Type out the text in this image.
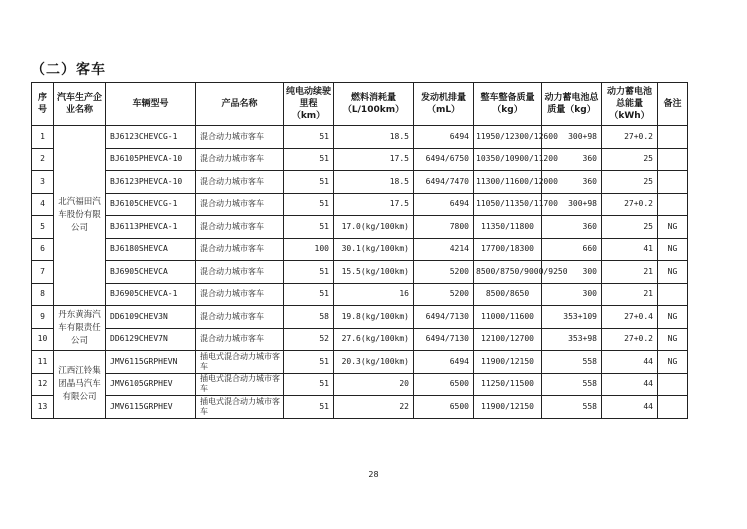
（二）客车
序号	汽车生产企业名称	车辆型号	产品名称	纯电动续驶里程（km）	燃料消耗量（L/100km）	发动机排量（mL）	整车整备质量（kg）	动力蓄电池总质量（kg）	动力蓄电池总能量（kWh）	备注
1	北汽福田汽车股份有限公司	BJ6123CHEVCG-1	混合动力城市客车	51	18.5	6494	11950/12300/12600	300+98	27+0.2	
2		BJ6105PHEVCA-10	混合动力城市客车	51	17.5	6494/6750	10350/10900/11200	360	25	
3		BJ6123PHEVCA-10	混合动力城市客车	51	18.5	6494/7470	11300/11600/12000	360	25	
4		BJ6105CHEVCG-1	混合动力城市客车	51	17.5	6494	11050/11350/11700	300+98	27+0.2	
5		BJ6113PHEVCA-1	混合动力城市客车	51	17.0(kg/100km)	7800	11350/11800	360	25	NG
6		BJ6180SHEVCA	混合动力城市客车	100	30.1(kg/100km)	4214	17700/18300	660	41	NG
7		BJ6905CHEVCA	混合动力城市客车	51	15.5(kg/100km)	5200	8500/8750/9000/9250	300	21	NG
8		BJ6905CHEVCA-1	混合动力城市客车	51	16	5200	8500/8650	300	21	
9	丹东黄海汽车有限责任公司	DD6109CHEV3N	混合动力城市客车	58	19.8(kg/100km)	6494/7130	11000/11600	353+109	27+0.4	NG
10		DD6129CHEV7N	混合动力城市客车	52	27.6(kg/100km)	6494/7130	12100/12700	353+98	27+0.2	NG
11	江西江铃集团晶马汽车有限公司	JMV6115GRPHEVN	插电式混合动力城市客车	51	20.3(kg/100km)	6494	11900/12150	558	44	NG
12		JMV6105GRPHEV	插电式混合动力城市客车	51	20	6500	11250/11500	558	44	
13		JMV6115GRPHEV	插电式混合动力城市客车	51	22	6500	11900/12150	558	44	
28
